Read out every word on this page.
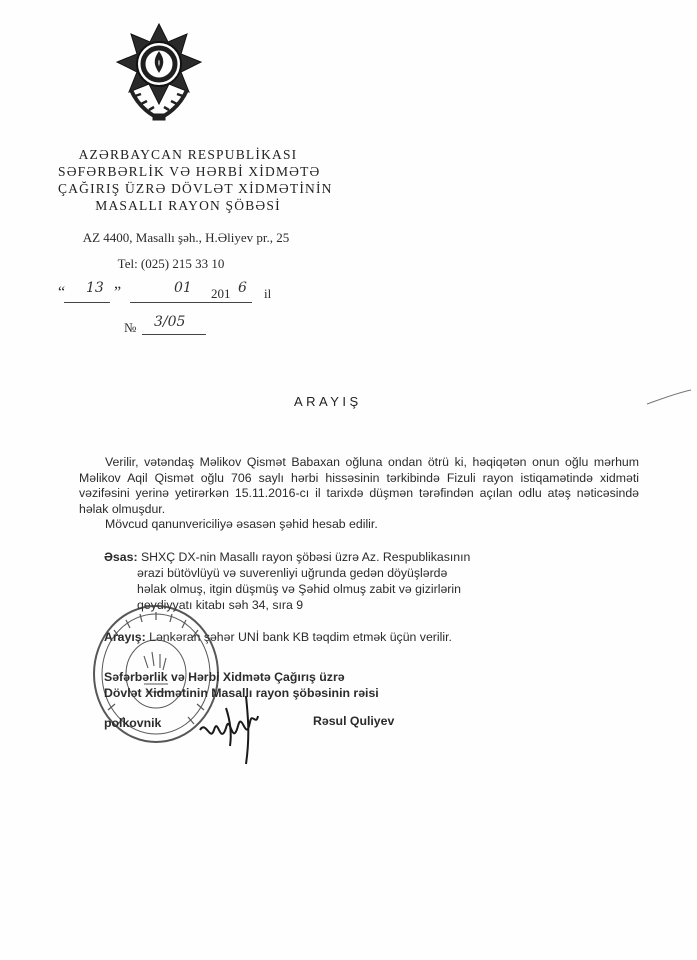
AZƏRBAYCAN RESPUBLİKASI
SƏFƏRBƏRLİK VƏ HƏRBİ XİDMƏTƏ
ÇAĞIRIŞ ÜZRƏ DÖVLƏT XİDMƏTİNİN
MASALLI RAYON ŞÖBƏSİ
AZ 4400, Masallı şəh., H.Əliyev pr., 25
Tel: (025) 215 33 10
“ 13 ”	01 201 6 il
№ 3/05
ARAYIŞ
Verilir, vətəndaş Məlikov Qismət Babaxan oğluna ondan ötrü ki, həqiqətən onun oğlu mərhum Məlikov Aqil Qismət oğlu 706 saylı hərbi hissəsinin tərkibində Fizuli rayon istiqamətində xidməti vəzifəsini yerinə yetirərkən 15.11.2016-cı il tarixdə düşmən tərəfindən açılan odlu atəş nəticəsində həlak olmuşdur.
Mövcud qanunvericiliyə əsasən şəhid hesab edilir.
Əsas: SHXÇ DX-nin Masallı rayon şöbəsi üzrə Az. Respublikasının
ərazi bütövlüyü və suverenliyi uğrunda gedən döyüşlərdə
həlak olmuş, itgin düşmüş və Şəhid olmuş zabit və gizirlərin
qeydiyyatı kitabı səh 34, sıra 9
Arayış: Lənkəran şəhər UNİ bank KB təqdim etmək üçün verilir.
Səfərbərlik və Hərbi Xidmətə Çağırış üzrə
Dövlət Xidmətinin Masallı rayon şöbəsinin rəisi
polkovnik	Rəsul Quliyev
